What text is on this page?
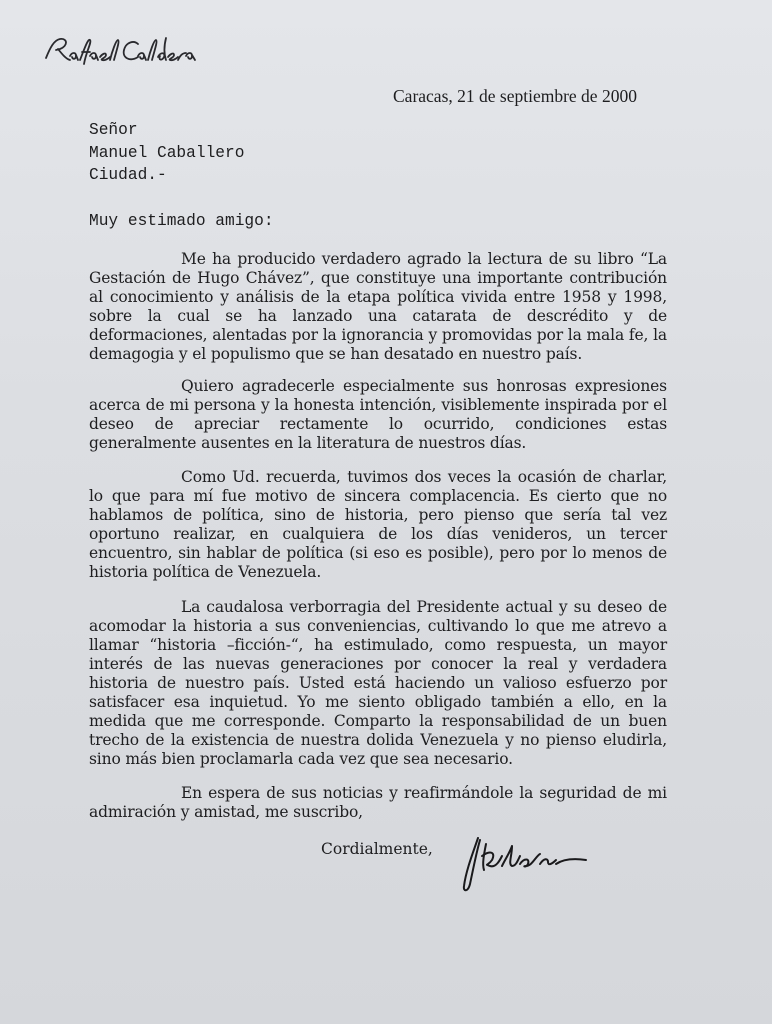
Caracas, 21 de septiembre de 2000
Señor
Manuel Caballero
Ciudad.-
Muy estimado amigo:
Me ha producido verdadero agrado la lectura de su libro “La Gestación de Hugo Chávez”, que constituye una importante contribución al conocimiento y análisis de la etapa política vivida entre 1958 y 1998, sobre la cual se ha lanzado una catarata de descrédito y de deformaciones, alentadas por la ignorancia y promovidas por la mala fe, la demagogia y el populismo que se han desatado en nuestro país.
Quiero agradecerle especialmente sus honrosas expresiones acerca de mi persona y la honesta intención, visiblemente inspirada por el deseo de apreciar rectamente lo ocurrido, condiciones estas generalmente ausentes en la literatura de nuestros días.
Como Ud. recuerda, tuvimos dos veces la ocasión de charlar, lo que para mí fue motivo de sincera complacencia. Es cierto que no hablamos de política, sino de historia, pero pienso que sería tal vez oportuno realizar, en cualquiera de los días venideros, un tercer encuentro, sin hablar de política (si eso es posible), pero por lo menos de historia política de Venezuela.
La caudalosa verborragia del Presidente actual y su deseo de acomodar la historia a sus conveniencias, cultivando lo que me atrevo a llamar “historia –ficción-“, ha estimulado, como respuesta, un mayor interés de las nuevas generaciones por conocer la real y verdadera historia de nuestro país. Usted está haciendo un valioso esfuerzo por satisfacer esa inquietud. Yo me siento obligado también a ello, en la medida que me corresponde. Comparto la responsabilidad de un buen trecho de la existencia de nuestra dolida Venezuela y no pienso eludirla, sino más bien proclamarla cada vez que sea necesario.
En espera de sus noticias y reafirmándole la seguridad de mi admiración y amistad, me suscribo,
Cordialmente,
